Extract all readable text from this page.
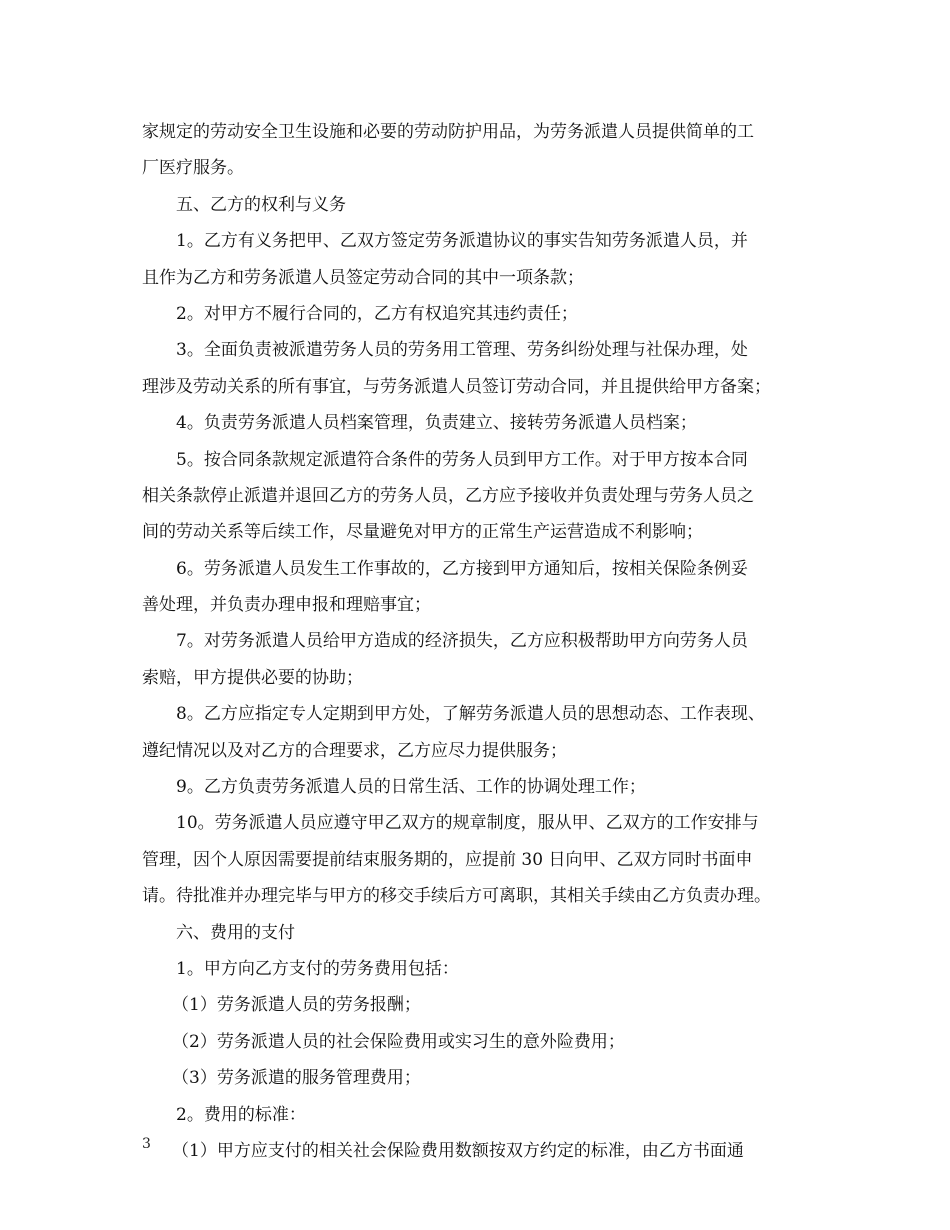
家规定的劳动安全卫生设施和必要的劳动防护用品，为劳务派遣人员提供简单的工
厂医疗服务。
五、乙方的权利与义务
1。乙方有义务把甲、乙双方签定劳务派遣协议的事实告知劳务派遣人员，并
且作为乙方和劳务派遣人员签定劳动合同的其中一项条款；
2。对甲方不履行合同的，乙方有权追究其违约责任；
3。全面负责被派遣劳务人员的劳务用工管理、劳务纠纷处理与社保办理，处
理涉及劳动关系的所有事宜，与劳务派遣人员签订劳动合同，并且提供给甲方备案；
4。负责劳务派遣人员档案管理，负责建立、接转劳务派遣人员档案；
5。按合同条款规定派遣符合条件的劳务人员到甲方工作。对于甲方按本合同
相关条款停止派遣并退回乙方的劳务人员，乙方应予接收并负责处理与劳务人员之
间的劳动关系等后续工作，尽量避免对甲方的正常生产运营造成不利影响；
6。劳务派遣人员发生工作事故的，乙方接到甲方通知后，按相关保险条例妥
善处理，并负责办理申报和理赔事宜；
7。对劳务派遣人员给甲方造成的经济损失，乙方应积极帮助甲方向劳务人员
索赔，甲方提供必要的协助；
8。乙方应指定专人定期到甲方处，了解劳务派遣人员的思想动态、工作表现、
遵纪情况以及对乙方的合理要求，乙方应尽力提供服务；
9。乙方负责劳务派遣人员的日常生活、工作的协调处理工作；
10。劳务派遣人员应遵守甲乙双方的规章制度，服从甲、乙双方的工作安排与
管理，因个人原因需要提前结束服务期的，应提前 30 日向甲、乙双方同时书面申
请。待批准并办理完毕与甲方的移交手续后方可离职，其相关手续由乙方负责办理。
六、费用的支付
1。甲方向乙方支付的劳务费用包括：
（1）劳务派遣人员的劳务报酬；
（2）劳务派遣人员的社会保险费用或实习生的意外险费用；
（3）劳务派遣的服务管理费用；
2。费用的标准：
（1）甲方应支付的相关社会保险费用数额按双方约定的标准，由乙方书面通
3
